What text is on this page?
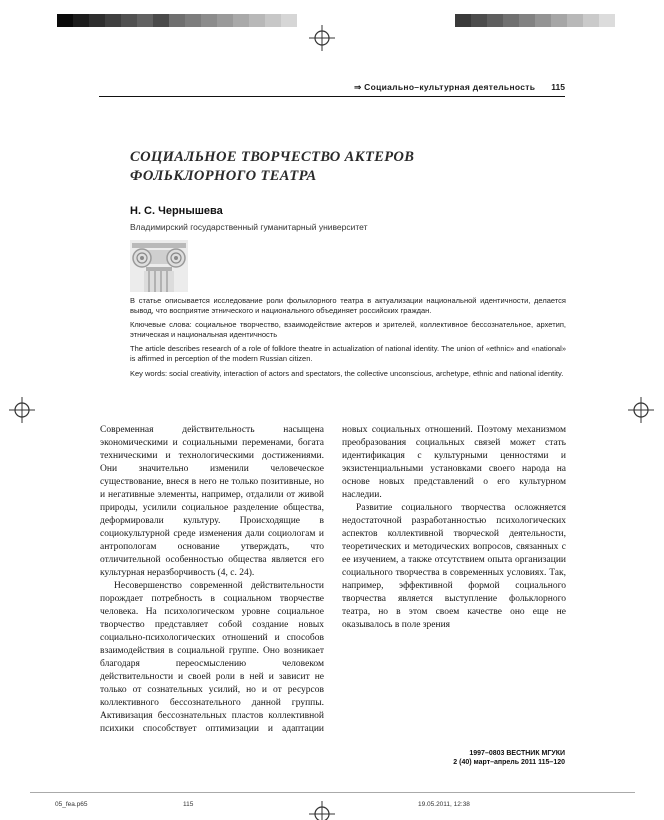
⇒ Социально–культурная деятельность 115
СОЦИАЛЬНОЕ ТВОРЧЕСТВО АКТЕРОВ
ФОЛЬКЛОРНОГО ТЕАТРА
Н. С. Чернышева
Владимирский государственный гуманитарный университет

В статье описывается исследование роли фольклорного театра в актуализации национальной идентичности, делается вывод, что восприятие этнического и национального объединяет российских граждан.

Ключевые слова: социальное творчество, взаимодействие актеров и зрителей, коллективное бессознательное, архетип, этническая и национальная идентичность

The article describes research of a role of folklore theatre in actualization of national identity. The union of «ethnic» and «national» is affirmed in perception of the modern Russian citizen.

Key words: social creativity, interaction of actors and spectators, the collective unconscious, archetype, ethnic and national identity.

Современная действительность насыщена экономическими и социальными переменами, богата техническими и технологическими достижениями. Они значительно изменили человеческое существование, внеся в него не только позитивные, но и негативные элементы, например, отдалили от живой природы, усилили социальное разделение общества, деформировали культуру. Происходящие в социокультурной среде изменения дали социологам и антропологам основание утверждать, что отличительной особенностью общества является его культурная неразборчивость (4, с. 24).

Несовершенство современной действительности порождает потребность в социальном творчестве человека. На психологическом уровне социальное творчество представляет собой создание новых социально-психологических отношений и способов взаимодействия в социальной группе. Оно возникает благодаря переосмыслению человеком действительности и своей роли в ней и зависит не только от сознательных усилий, но и от ресурсов коллективного бессознательного данной группы. Активизация бессознательных пластов коллективной психики способствует оптимизации и адаптации новых социальных отношений. Поэтому механизмом преобразования социальных связей может стать идентификация с культурными ценностями и экзистенциальными установками своего народа на основе новых представлений о его культурном наследии.

Развитие социального творчества осложняется недостаточной разработанностью психологических аспектов коллективной творческой деятельности, теоретических и методических вопросов, связанных с ее изучением, а также отсутствием опыта организации социального творчества в современных условиях. Так, например, эффективной формой социального творчества является выступление фольклорного театра, но в этом своем качестве оно еще не оказывалось в поле зрения

1997–0803 ВЕСТНИК МГУКИ
2 (40) март–апрель 2011 115–120
05_fea.p65	115	19.05.2011, 12:38
